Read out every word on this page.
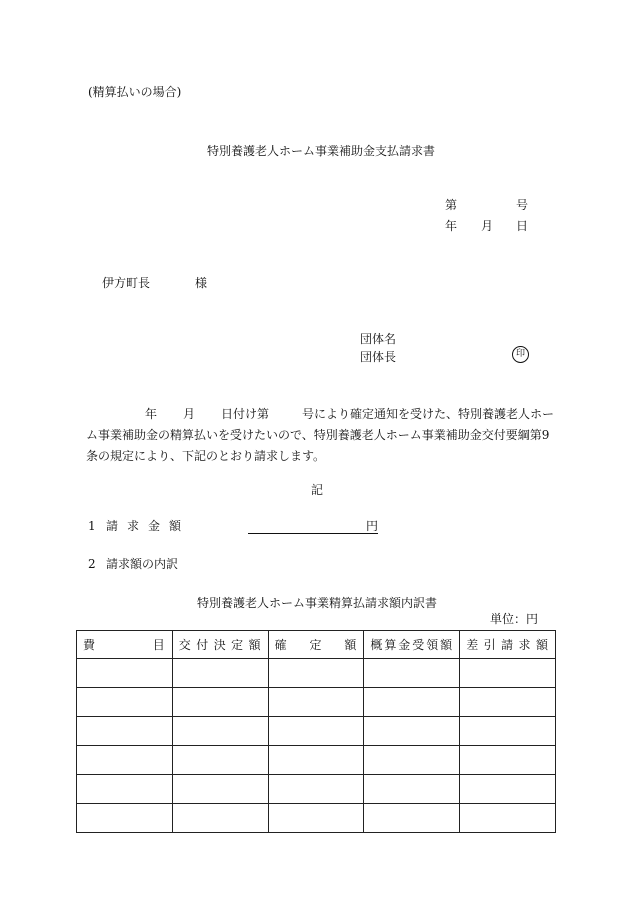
(精算払いの場合)
特別養護老人ホーム事業補助金支払請求書
第	号
年 月 日
伊方町長	様
団体名
団体長	印
年 月 日付け第	号により確定通知を受けた、特別養護老人ホー
ム事業補助金の精算払いを受けたいので、特別養護老人ホーム事業補助金交付要綱第9
条の規定により、下記のとおり請求します。
記
1 請求金額	円
2 請求額の内訳
特別養護老人ホーム事業精算払請求額内訳書
単位：円
費目	交付決定額	確定額	概算金受領額	差引請求額
